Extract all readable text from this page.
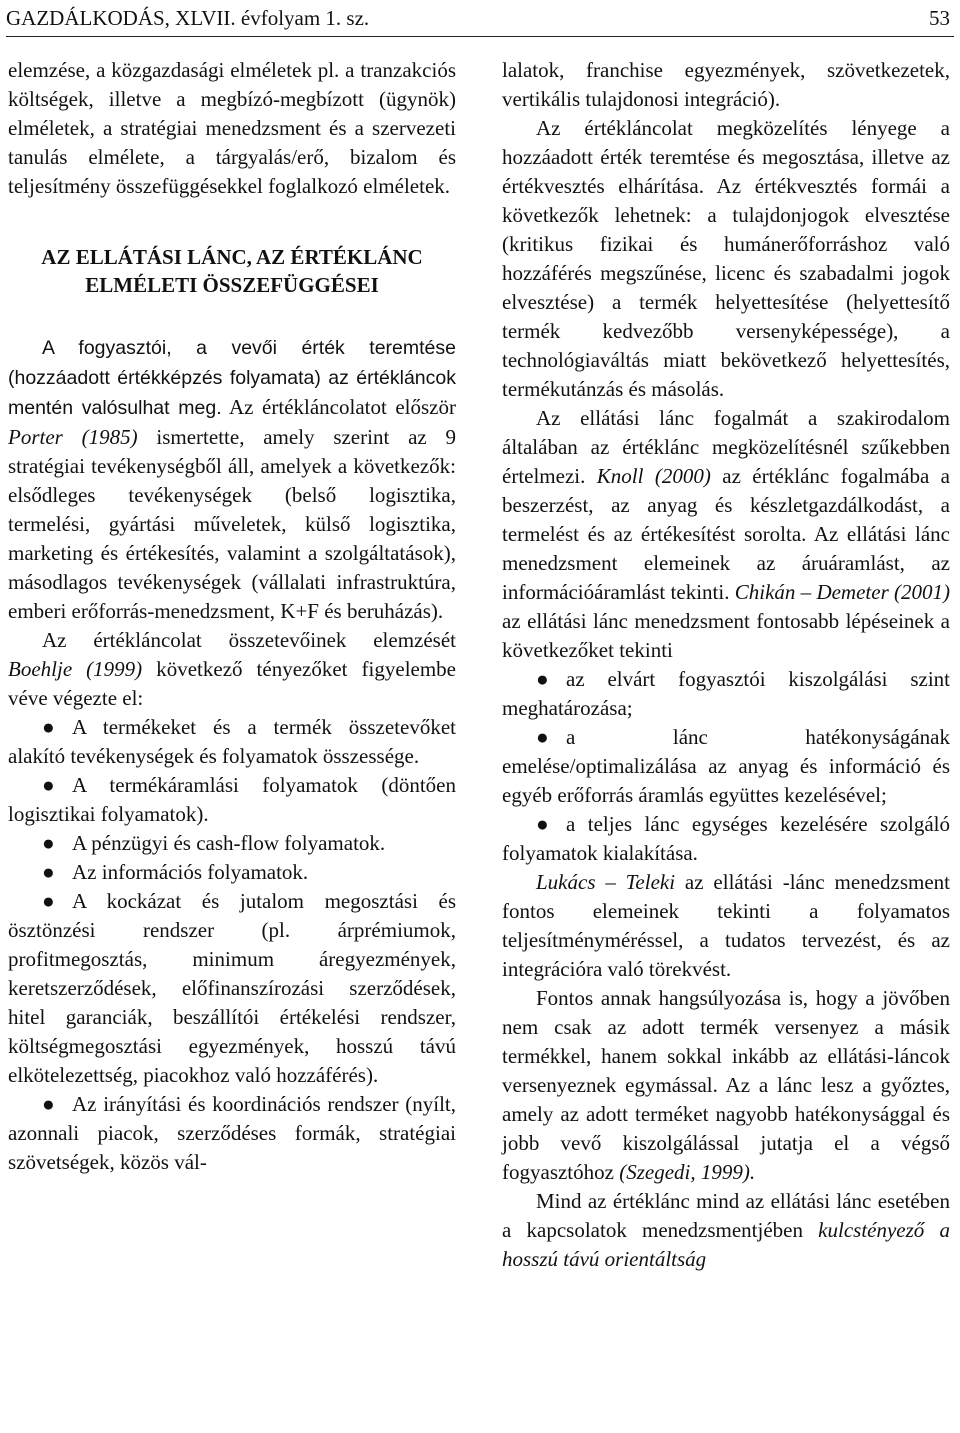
GAZDÁLKODÁS, XLVII. évfolyam 1. sz.	53

elemzése, a közgazdasági elméletek pl. a tranzakciós költségek, illetve a megbízó-megbízott (ügynök) elméletek, a stratégiai menedzsment és a szervezeti tanulás elmélete, a tárgyalás/erő, bizalom és teljesítmény összefüggésekkel foglalkozó elméletek.

AZ ELLÁTÁSI LÁNC, AZ ÉRTÉKLÁNC
ELMÉLETI ÖSSZEFÜGGÉSEI

A fogyasztói, a vevői érték teremtése (hozzáadott értékképzés folyamata) az értékláncok mentén valósulhat meg. Az értékláncolatot először Porter (1985) ismertette, amely szerint az 9 stratégiai tevékenységből áll, amelyek a következők: elsődleges tevékenységek (belső logisztika, termelési, gyártási műveletek, külső logisztika, marketing és értékesítés, valamint a szolgáltatások), másodlagos tevékenységek (vállalati infrastruktúra, emberi erőforrás-menedzsment, K+F és beruházás).

Az értékláncolat összetevőinek elemzését Boehlje (1999) következő tényezőket figyelembe véve végezte el:

● A termékeket és a termék összetevőket alakító tevékenységek és folyamatok összessége.

● A termékáramlási folyamatok (döntően logisztikai folyamatok).

● A pénzügyi és cash-flow folyamatok.

● Az információs folyamatok.

● A kockázat és jutalom megosztási és ösztönzési rendszer (pl. árprémiumok, profitmegosztás, minimum áregyezmények, keretszerződések, előfinanszírozási szerződések, hitel garanciák, beszállítói értékelési rendszer, költségmegosztási egyezmények, hosszú távú elkötelezettség, piacokhoz való hozzáférés).

● Az irányítási és koordinációs rendszer (nyílt, azonnali piacok, szerződéses formák, stratégiai szövetségek, közös vál-

lalatok, franchise egyezmények, szövetkezetek, vertikális tulajdonosi integráció).

Az értékláncolat megközelítés lényege a hozzáadott érték teremtése és megosztása, illetve az értékvesztés elhárítása. Az értékvesztés formái a következők lehetnek: a tulajdonjogok elvesztése (kritikus fizikai és humánerőforráshoz való hozzáférés megszűnése, licenc és szabadalmi jogok elvesztése) a termék helyettesítése (helyettesítő termék kedvezőbb versenyképessége), a technológiaváltás miatt bekövetkező helyettesítés, termékutánzás és másolás.

Az ellátási lánc fogalmát a szakirodalom általában az értéklánc megközelítésnél szűkebben értelmezi. Knoll (2000) az értéklánc fogalmába a beszerzést, az anyag és készletgazdálkodást, a termelést és az értékesítést sorolta. Az ellátási lánc menedzsment elemeinek az áruáramlást, az információáramlást tekinti. Chikán – Demeter (2001) az ellátási lánc menedzsment fontosabb lépéseinek a következőket tekinti

● az elvárt fogyasztói kiszolgálási szint meghatározása;

● a lánc hatékonyságának emelése/optimalizálása az anyag és információ és egyéb erőforrás áramlás együttes kezelésével;

● a teljes lánc egységes kezelésére szolgáló folyamatok kialakítása.

Lukács – Teleki az ellátási -lánc menedzsment fontos elemeinek tekinti a folyamatos teljesítményméréssel, a tudatos tervezést, és az integrációra való törekvést.

Fontos annak hangsúlyozása is, hogy a jövőben nem csak az adott termék versenyez a másik termékkel, hanem sokkal inkább az ellátási-láncok versenyeznek egymással. Az a lánc lesz a győztes, amely az adott terméket nagyobb hatékonysággal és jobb vevő kiszolgálással jutatja el a végső fogyasztóhoz (Szegedi, 1999).

Mind az értéklánc mind az ellátási lánc esetében a kapcsolatok menedzsmentjében kulcstényező a hosszú távú orientáltság
